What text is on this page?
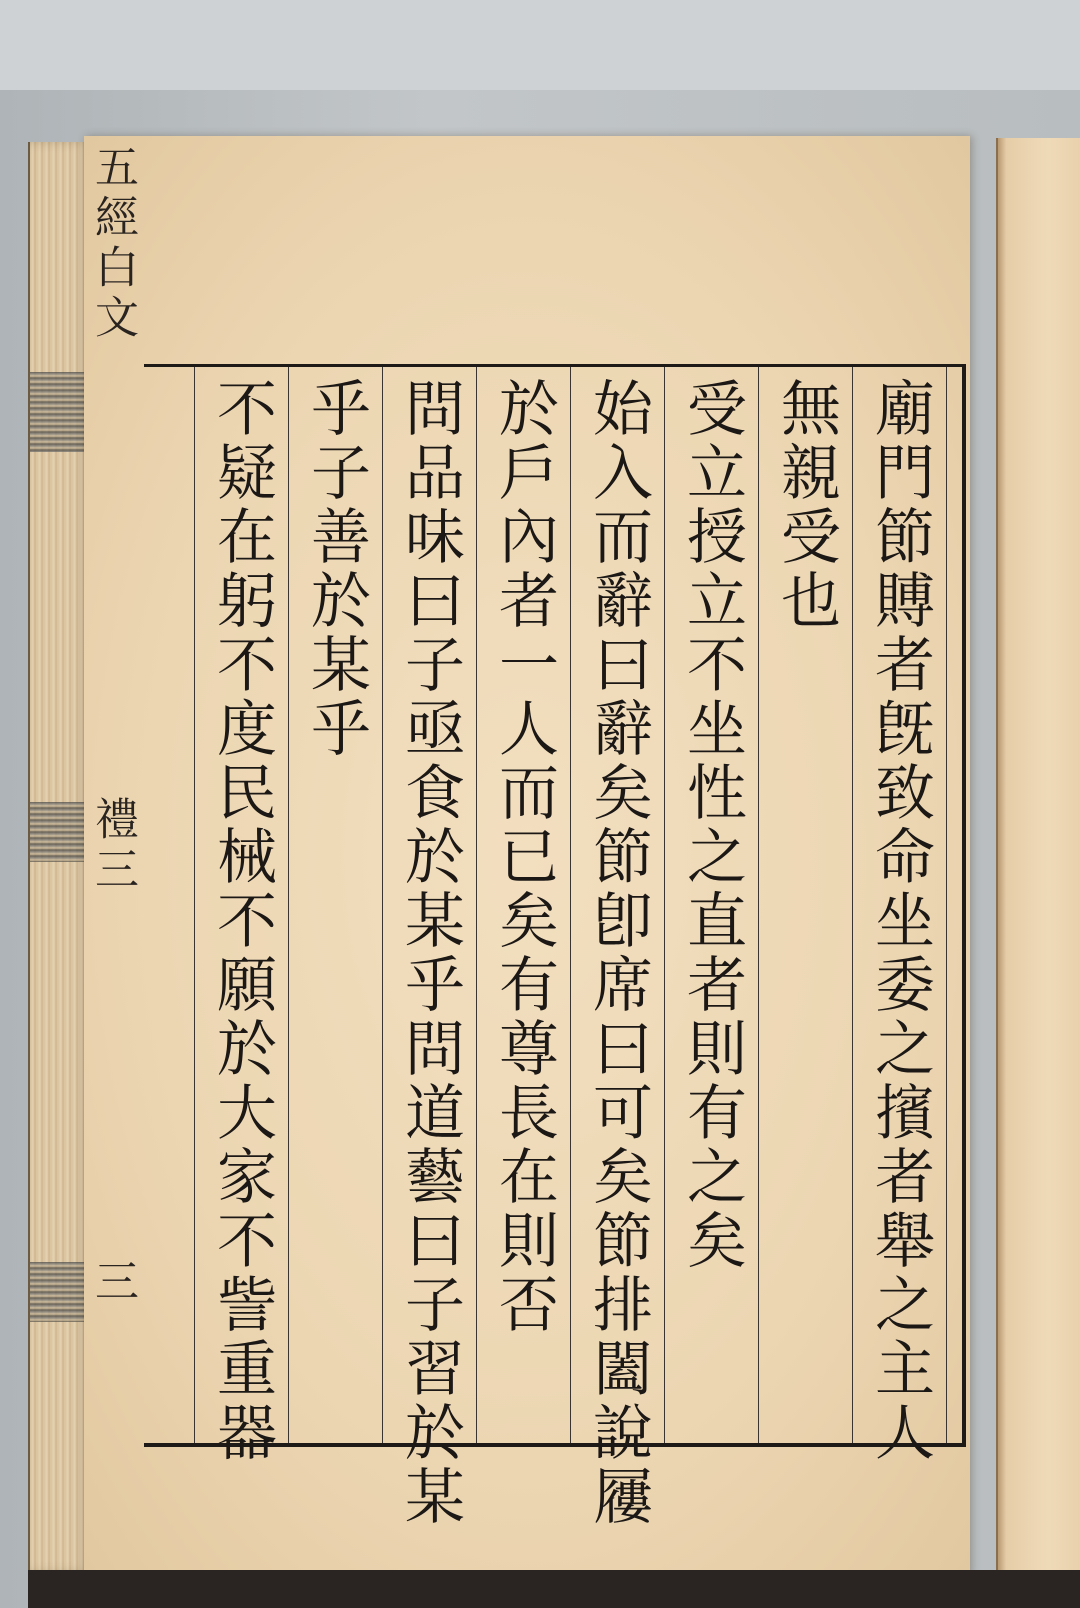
廟門節賻者旣致命坐委之擯者舉之主人
無親受也
受立授立不坐性之直者則有之矣
始入而辭曰辭矣節卽席曰可矣節排闔說屨
於戶內者一人而已矣有尊長在則否
問品味曰子亟食於某乎問道藝曰子習於某
乎子善於某乎
不疑在躬不度民械不願於大家不訾重器
五經白文
禮三
三
